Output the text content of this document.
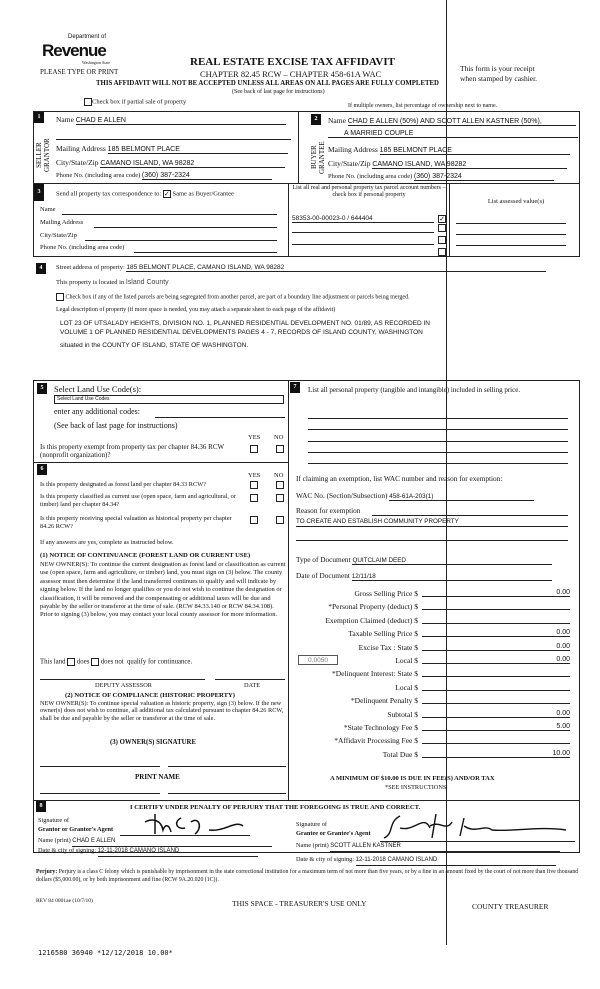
Department of
Revenue
Washington State
PLEASE TYPE OR PRINT
REAL ESTATE EXCISE TAX AFFIDAVIT
CHAPTER 82.45 RCW – CHAPTER 458-61A WAC
THIS AFFIDAVIT WILL NOT BE ACCEPTED UNLESS ALL AREAS ON ALL PAGES ARE FULLY COMPLETED
(See back of last page for instructions)
This form is your receipt
when stamped by cashier.
Check box if partial sale of property
If multiple owners, list percentage of ownership next to name.
1
SELLER GRANTOR
Name CHAD E ALLEN
Mailing Address 185 BELMONT PLACE
City/State/Zip CAMANO ISLAND, WA 98282
Phone No. (including area code) (360) 387-2324
2
BUYER GRANTEE
Name CHAD E ALLEN (50%) AND SCOTT ALLEN KASTNER (50%),
A MARRIED COUPLE
Mailing Address 185 BELMONT PLACE
City/State/Zip CAMANO ISLAND, WA 98282
Phone No. (including area code) (360) 387-2324
3	Send all property tax correspondence to: ✓ Same as Buyer/Grantee
Name
Mailing Address
City/State/Zip
Phone No. (including area code)
List all real and personal property tax parcel account numbers – check box if personal property
List assessed value(s)
58353-00-00023-0 / 644404	✓
4	Street address of property: 185 BELMONT PLACE, CAMANO ISLAND, WA 98282
This property is located in Island County
Check box if any of the listed parcels are being segregated from another parcel, are part of a boundary line adjustment or parcels being merged.
Legal description of property (if more space is needed, you may attach a separate sheet to each page of the affidavit)
LOT 23 OF UTSALADY HEIGHTS, DIVISION NO. 1, PLANNED RESIDENTIAL DEVELOPMENT NO. 01/89, AS RECORDED IN
VOLUME 1 OF PLANNED RESIDENTIAL DEVELOPMENTS PAGES 4 - 7, RECORDS OF ISLAND COUNTY, WASHINGTON
situated in the COUNTY OF ISLAND, STATE OF WASHINGTON.
5	Select Land Use Code(s):
Select Land Use Codes
enter any additional codes:
(See back of last page for instructions)
YES NO
Is this property exempt from property tax per chapter 84.36 RCW (nonprofit organization)?
6
YES NO
Is this property designated as forest land per chapter 84.33 RCW?
Is this property classified as current use (open space, farm and agricultural, or timber) land per chapter 84.34?
Is this property receiving special valuation as historical property per chapter 84.26 RCW?
If any answers are yes, complete as instructed below.
(1) NOTICE OF CONTINUANCE (FOREST LAND OR CURRENT USE)
NEW OWNER(S): To continue the current designation as forest land or classification as current use (open space, farm and agriculture, or timber) land, you must sign on (3) below. The county assessor must then determine if the land transferred continues to qualify and will indicate by signing below. If the land no longer qualifies or you do not wish to continue the designation or classification, it will be removed and the compensating or additional taxes will be due and payable by the seller or transferor at the time of sale. (RCW 84.33.140 or RCW 84.34.108). Prior to signing (3) below, you may contact your local county assessor for more information.
This land does does not qualify for continuance.
DEPUTY ASSESSOR	DATE
(2) NOTICE OF COMPLIANCE (HISTORIC PROPERTY)
NEW OWNER(S): To continue special valuation as historic property, sign (3) below. If the new owner(s) does not wish to continue, all additional tax calculated pursuant to chapter 84.26 RCW, shall be due and payable by the seller or transferor at the time of sale.
(3) OWNER(S) SIGNATURE
PRINT NAME
7	List all personal property (tangible and intangible) included in selling price.
If claiming an exemption, list WAC number and reason for exemption:
WAC No. (Section/Subsection) 458-61A-203(1)
Reason for exemption
TO CREATE AND ESTABLISH COMMUNITY PROPERTY
Type of Document QUITCLAIM DEED
Date of Document 12/11/18
Gross Selling Price $	0.00
*Personal Property (deduct) $

Exemption Claimed (deduct) $

Taxable Selling Price $	0.00
Excise Tax : State $	0.00
Local $	0.00
*Delinquent Interest: State $

Local $

*Delinquent Penalty $

Subtotal $	0.00
*State Technology Fee $	5.00
*Affidavit Processing Fee $

Total Due $	10.00
0.0050
A MINIMUM OF $10.00 IS DUE IN FEE(S) AND/OR TAX
*SEE INSTRUCTIONS
8	I CERTIFY UNDER PENALTY OF PERJURY THAT THE FOREGOING IS TRUE AND CORRECT.
Signature of
Grantor or Grantor's Agent
Name (print) CHAD E ALLEN
Date & city of signing: 12-11-2018 CAMANO ISLAND
Signature of
Grantee or Grantee's Agent
Name (print) SCOTT ALLEN KASTNER
Date & city of signing: 12-11-2018 CAMANO ISLAND
Perjury: Perjury is a class C felony which is punishable by imprisonment in the state correctional institution for a maximum term of not more than five years, or by a fine in an amount fixed by the court of not more than five thousand dollars ($5,000.00), or by both imprisonment and fine (RCW 9A.20.020 (1C)).
REV 84 0001ae (10/7/10)	THIS SPACE - TREASURER'S USE ONLY	COUNTY TREASURER
1216580 36940 *12/12/2018 10.00*
